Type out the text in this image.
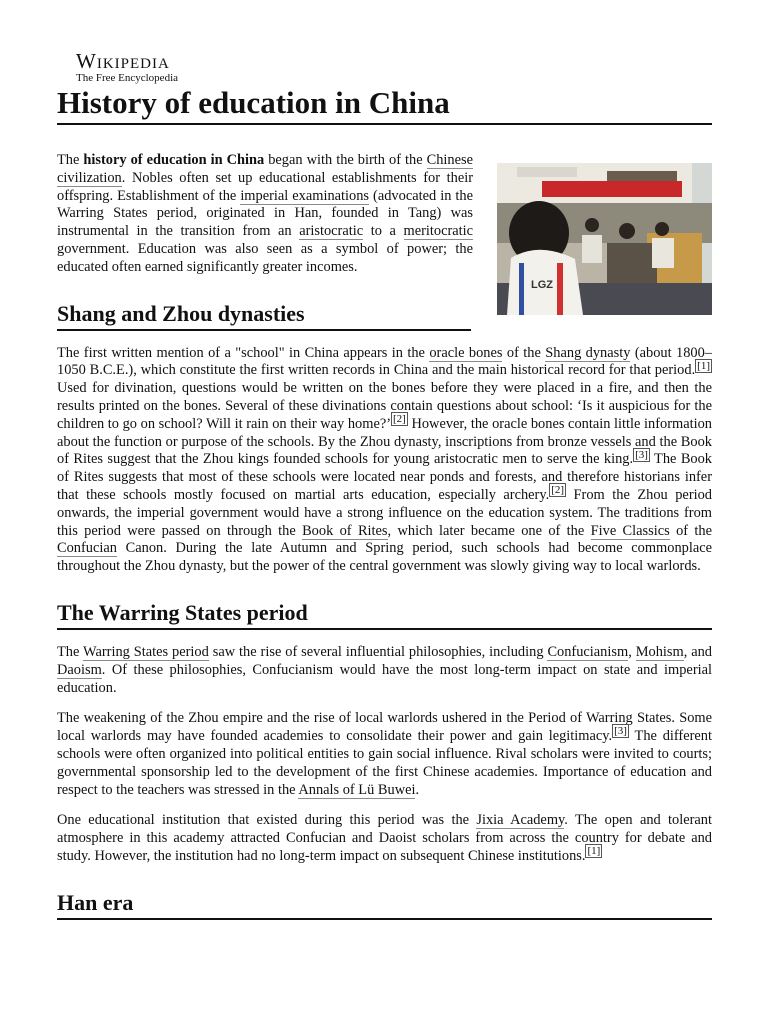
Wikipedia
The Free Encyclopedia
History of education in China
LGZ

The history of education in China began with the birth of the Chinese civilization. Nobles often set up educational establishments for their offspring. Establishment of the imperial examinations (advocated in the Warring States period, originated in Han, founded in Tang) was instrumental in the transition from an aristocratic to a meritocratic government. Education was also seen as a symbol of power; the educated often earned significantly greater incomes.

Shang and Zhou dynasties

The first written mention of a "school" in China appears in the oracle bones of the Shang dynasty (about 1800–1050 B.C.E.), which constitute the first written records in China and the main historical record for that period. [1] Used for divination, questions would be written on the bones before they were placed in a fire, and then the results printed on the bones. Several of these divinations contain questions about school: ‘Is it auspicious for the children to go on school? Will it rain on their way home?’ [2] However, the oracle bones contain little information about the function or purpose of the schools. By the Zhou dynasty, inscriptions from bronze vessels and the Book of Rites suggest that the Zhou kings founded schools for young aristocratic men to serve the king. [3] The Book of Rites suggests that most of these schools were located near ponds and forests, and therefore historians infer that these schools mostly focused on martial arts education, especially archery. [2] From the Zhou period onwards, the imperial government would have a strong influence on the education system. The traditions from this period were passed on through the Book of Rites, which later became one of the Five Classics of the Confucian Canon. During the late Autumn and Spring period, such schools had become commonplace throughout the Zhou dynasty, but the power of the central government was slowly giving way to local warlords.

The Warring States period

The Warring States period saw the rise of several influential philosophies, including Confucianism, Mohism, and Daoism. Of these philosophies, Confucianism would have the most long-term impact on state and imperial education.

The weakening of the Zhou empire and the rise of local warlords ushered in the Period of Warring States. Some local warlords may have founded academies to consolidate their power and gain legitimacy. [3] The different schools were often organized into political entities to gain social influence. Rival scholars were invited to courts; governmental sponsorship led to the development of the first Chinese academies. Importance of education and respect to the teachers was stressed in the Annals of Lü Buwei.

One educational institution that existed during this period was the Jixia Academy. The open and tolerant atmosphere in this academy attracted Confucian and Daoist scholars from across the country for debate and study. However, the institution had no long-term impact on subsequent Chinese institutions. [1]

Han era
